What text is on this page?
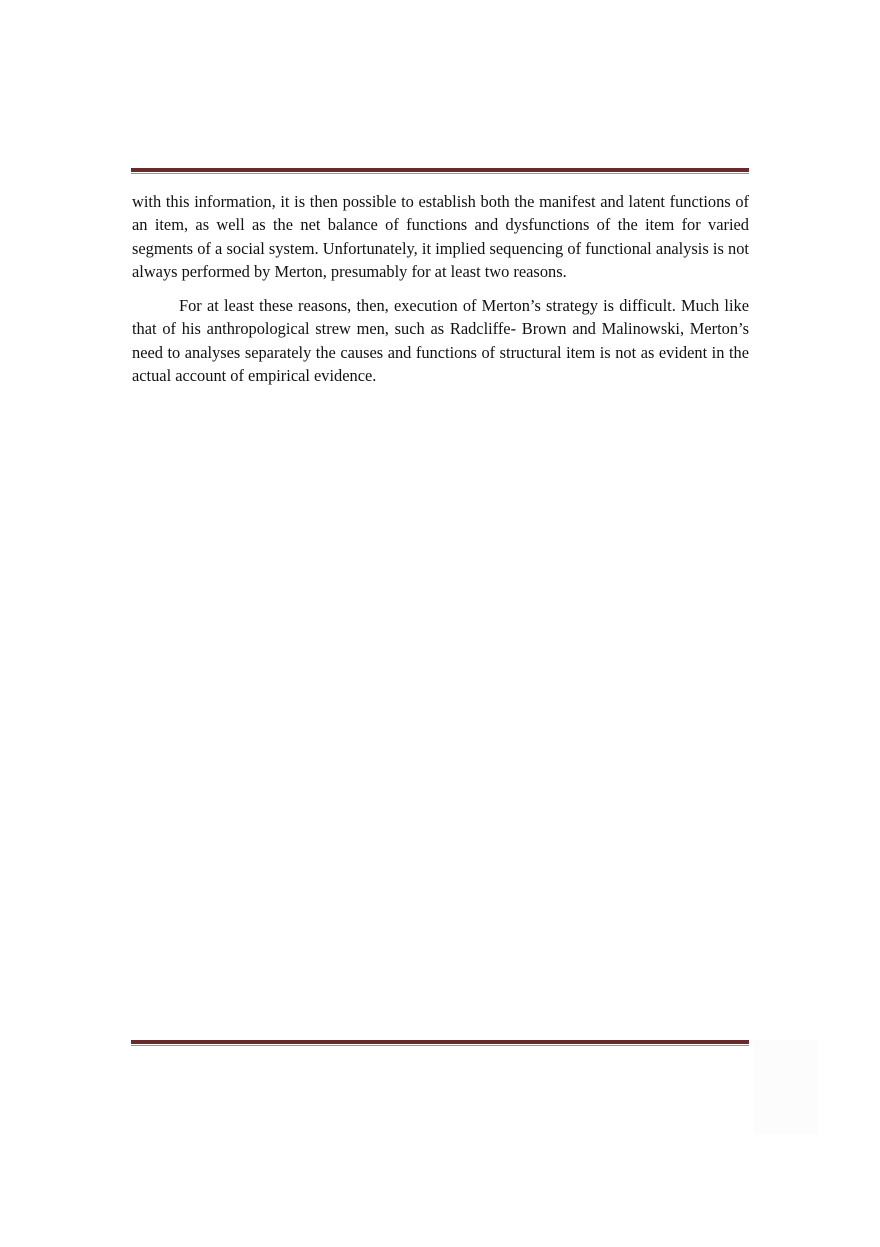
with this information, it is then possible to establish both the manifest and latent functions of an item, as well as the net balance of functions and dysfunctions of the item for varied segments of a social system. Unfortunately, it implied sequencing of functional analysis is not always performed by Merton, presumably for at least two reasons.

For at least these reasons, then, execution of Merton’s strategy is difficult. Much like that of his anthropological strew men, such as Radcliffe- Brown and Malinowski, Merton’s need to analyses separately the causes and functions of structural item is not as evident in the actual account of empirical evidence.
